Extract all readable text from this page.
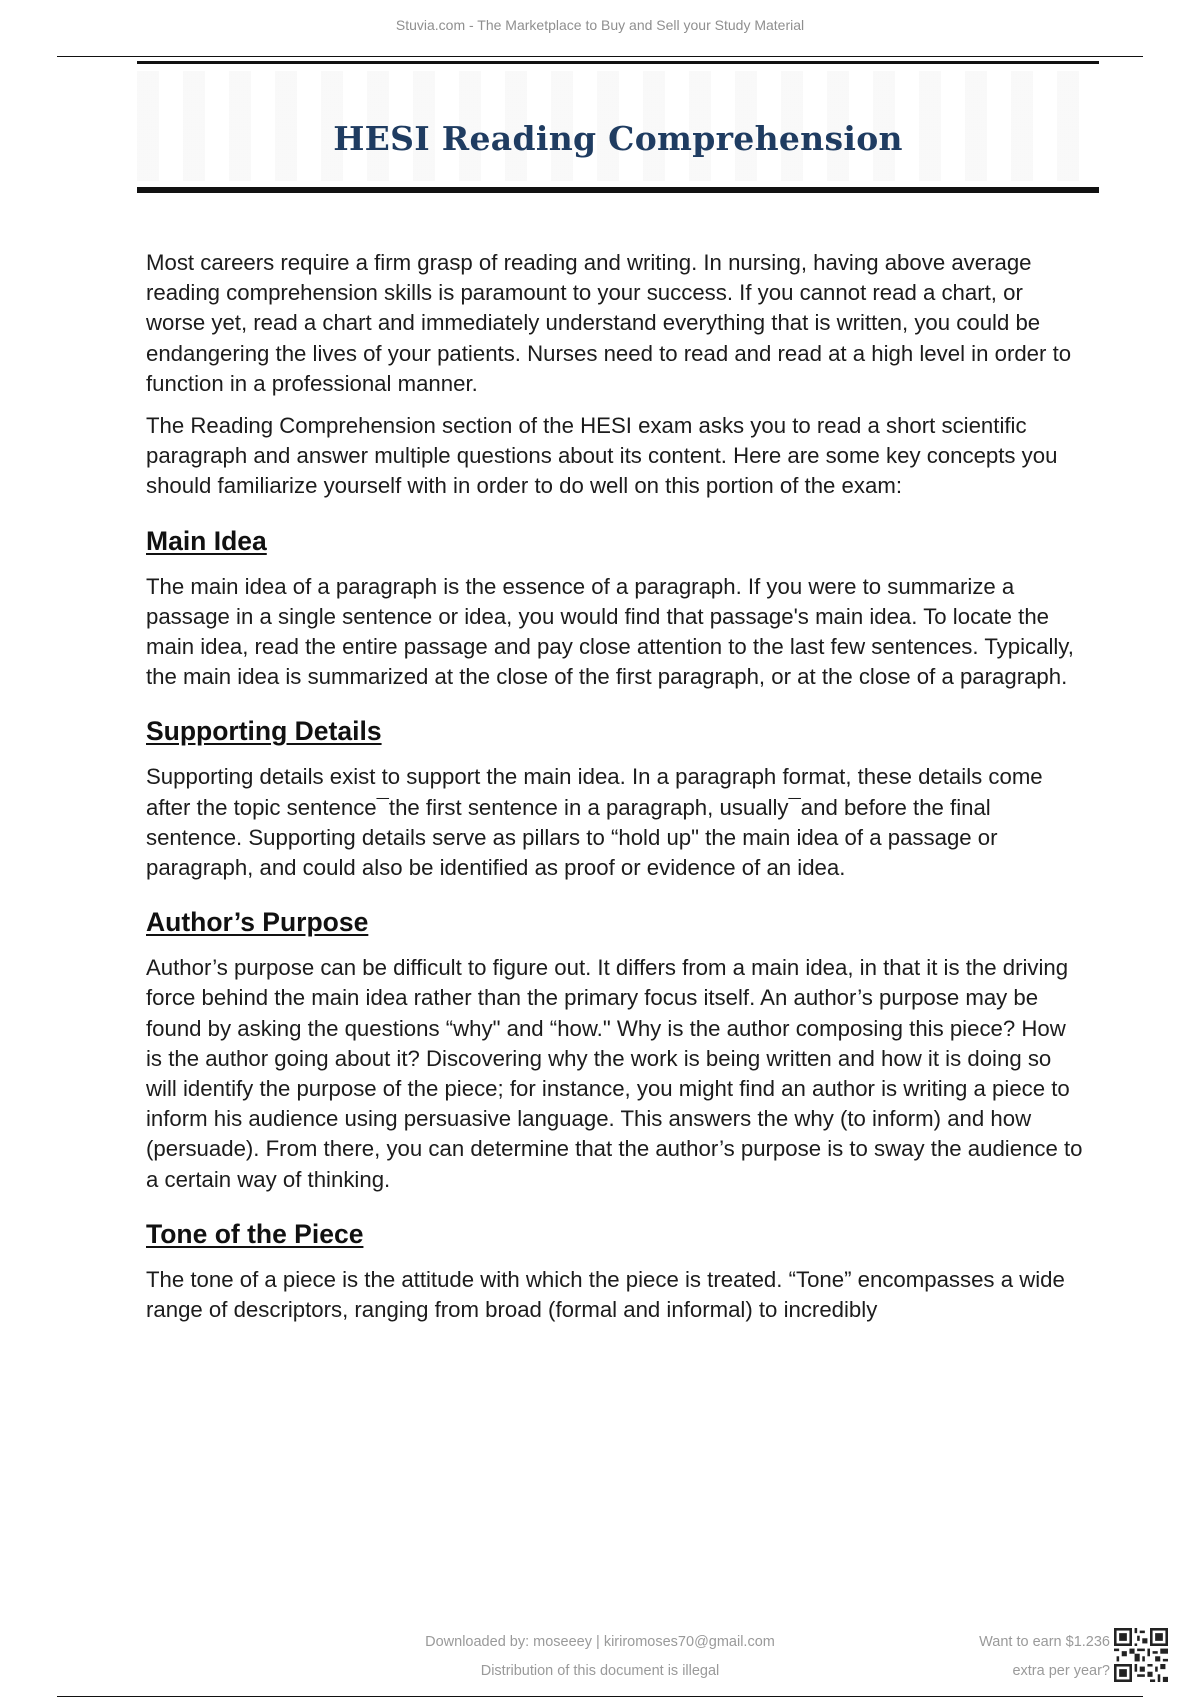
Stuvia.com - The Marketplace to Buy and Sell your Study Material
HESI Reading Comprehension

Most careers require a firm grasp of reading and writing. In nursing, having above average reading comprehension skills is paramount to your success. If you cannot read a chart, or worse yet, read a chart and immediately understand everything that is written, you could be endangering the lives of your patients. Nurses need to read and read at a high level in order to function in a professional manner.

The Reading Comprehension section of the HESI exam asks you to read a short scientific paragraph and answer multiple questions about its content. Here are some key concepts you should familiarize yourself with in order to do well on this portion of the exam:

Main Idea

The main idea of a paragraph is the essence of a paragraph. If you were to summarize a passage in a single sentence or idea, you would find that passage's main idea. To locate the main idea, read the entire passage and pay close attention to the last few sentences. Typically, the main idea is summarized at the close of the first paragraph, or at the close of a paragraph.

Supporting Details

Supporting details exist to support the main idea. In a paragraph format, these details come after the topic sentence¯the first sentence in a paragraph, usually¯and before the final sentence. Supporting details serve as pillars to “hold up" the main idea of a passage or paragraph, and could also be identified as proof or evidence of an idea.

Author’s Purpose

Author’s purpose can be difficult to figure out. It differs from a main idea, in that it is the driving force behind the main idea rather than the primary focus itself. An author’s purpose may be found by asking the questions “why" and “how." Why is the author composing this piece? How is the author going about it? Discovering why the work is being written and how it is doing so will identify the purpose of the piece; for instance, you might find an author is writing a piece to inform his audience using persuasive language. This answers the why (to inform) and how (persuade). From there, you can determine that the author’s purpose is to sway the audience to a certain way of thinking.

Tone of the Piece

The tone of a piece is the attitude with which the piece is treated. “Tone” encompasses a wide range of descriptors, ranging from broad (formal and informal) to incredibly

Downloaded by: moseeey | kiriromoses70@gmail.com
Distribution of this document is illegal
Want to earn $1.236
extra per year?
